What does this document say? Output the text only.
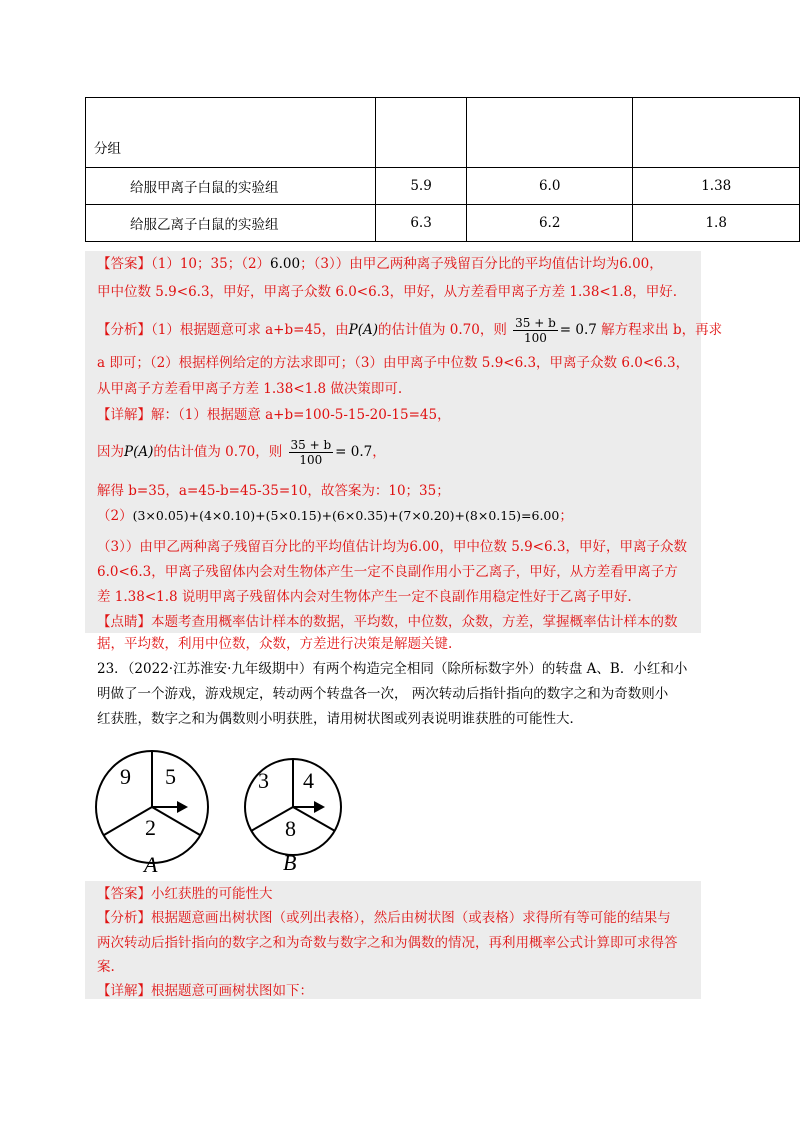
分组			
给服甲离子白鼠的实验组	5.9	6.0	1.38
给服乙离子白鼠的实验组	6.3	6.2	1.8
【答案】（1）10；35；（2）6.00；（3））由甲乙两种离子残留百分比的平均值估计均为6.00，
甲中位数 5.9<6.3，甲好，甲离子众数 6.0<6.3，甲好，从方差看甲离子方差 1.38<1.8，甲好.
【分析】（1）根据题意可求 a+b=45，由P(A)的估计值为 0.70，则 $\frac{35 + b}{100} = 0.7$ 解方程求出 b，再求
a 即可；（2）根据样例给定的方法求即可；（3）由甲离子中位数 5.9<6.3，甲离子众数 6.0<6.3，
从甲离子方差看甲离子方差 1.38<1.8 做决策即可.
【详解】解：（1）根据题意 a+b=100-5-15-20-15=45，
因为P(A)的估计值为 0.70，则 $\frac{35 + b}{100} = 0.7$，
解得 b=35，a=45-b=45-35=10，故答案为：10；35；
（2）(3×0.05)+(4×0.10)+(5×0.15)+(6×0.35)+(7×0.20)+(8×0.15)=6.00；
（3））由甲乙两种离子残留百分比的平均值估计均为6.00，甲中位数 5.9<6.3，甲好，甲离子众数
6.0<6.3，甲离子残留体内会对生物体产生一定不良副作用小于乙离子，甲好，从方差看甲离子方
差 1.38<1.8 说明甲离子残留体内会对生物体产生一定不良副作用稳定性好于乙离子甲好.
【点睛】本题考查用概率估计样本的数据，平均数，中位数，众数，方差，掌握概率估计样本的数
据，平均数，利用中位数，众数，方差进行决策是解题关键.
23．（2022·江苏淮安·九年级期中）有两个构造完全相同（除所标数字外）的转盘 A、B．小红和小
明做了一个游戏，游戏规定，转动两个转盘各一次， 两次转动后指针指向的数字之和为奇数则小
红获胜，数字之和为偶数则小明获胜，请用树状图或列表说明谁获胜的可能性大．
9 5
2
3 4
8
A	B
【答案】小红获胜的可能性大
【分析】根据题意画出树状图（或列出表格），然后由树状图（或表格）求得所有等可能的结果与
两次转动后指针指向的数字之和为奇数与数字之和为偶数的情况，再利用概率公式计算即可求得答
案.
【详解】根据题意可画树状图如下：
